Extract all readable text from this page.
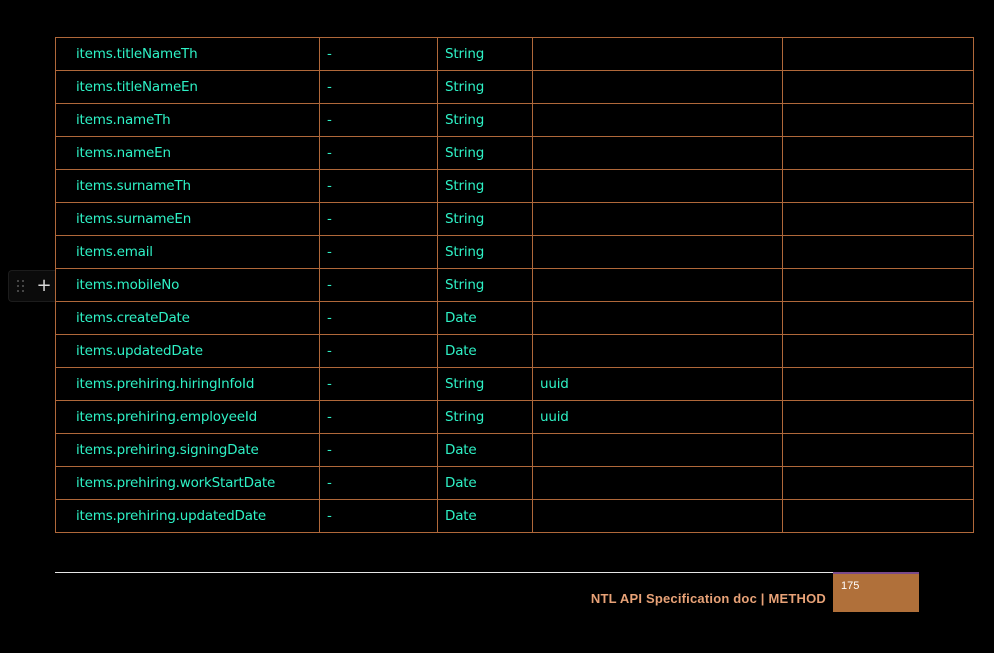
items.titleNameTh	-	String		
items.titleNameEn	-	String		
items.nameTh	-	String		
items.nameEn	-	String		
items.surnameTh	-	String		
items.surnameEn	-	String		
items.email	-	String		
items.mobileNo	-	String		
items.createDate	-	Date		
items.updatedDate	-	Date		
items.prehiring.hiringInfoId	-	String	uuid	
items.prehiring.employeeId	-	String	uuid	
items.prehiring.signingDate	-	Date		
items.prehiring.workStartDate	-	Date		
items.prehiring.updatedDate	-	Date		
+
NTL API Specification doc | METHOD
175
